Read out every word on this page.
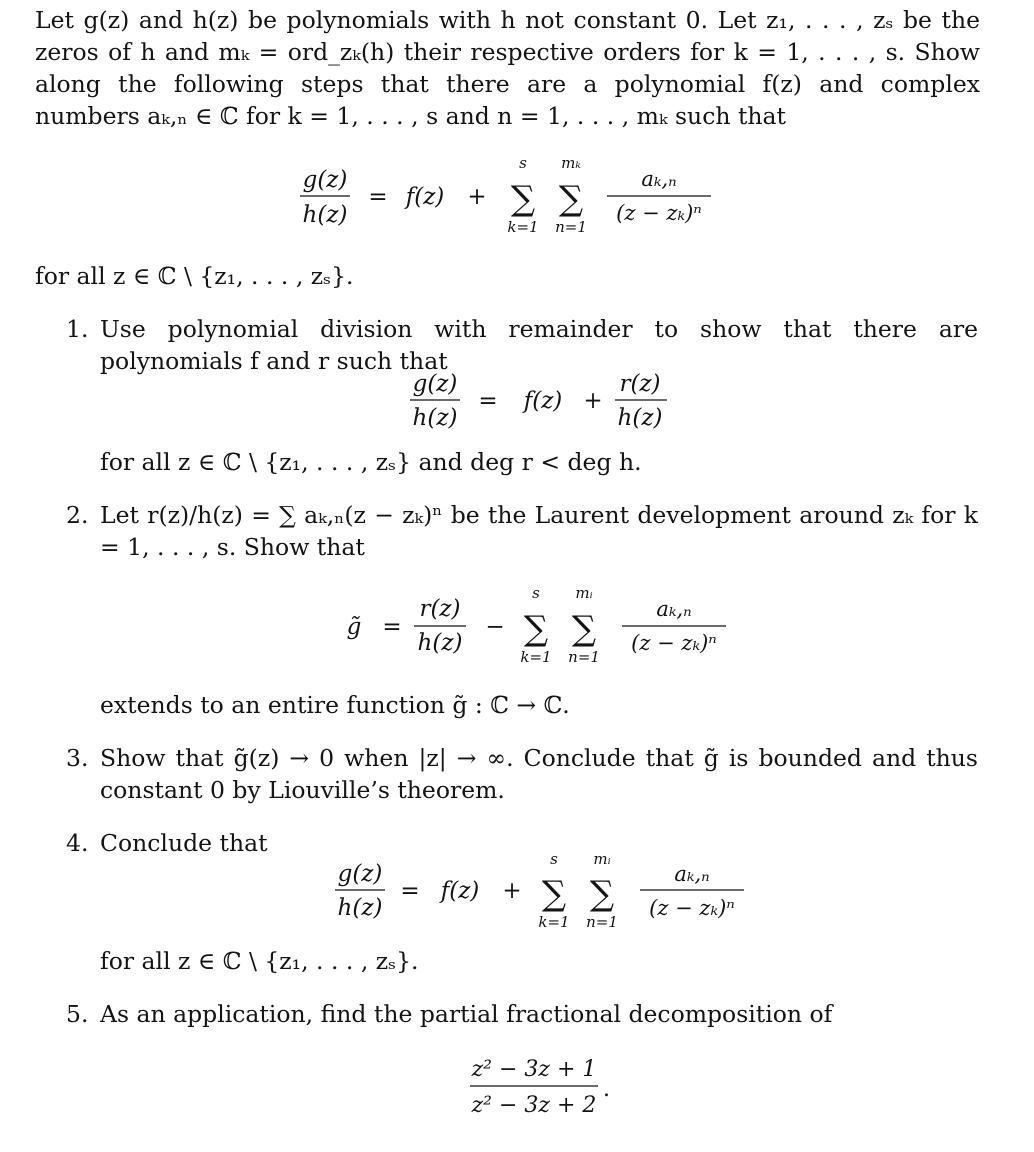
Let g(z) and h(z) be polynomials with h not constant 0. Let z₁, . . . , zₛ be the zeros of h and mₖ = ord_zₖ(h) their respective orders for k = 1, . . . , s. Show along the following steps that there are a polynomial f(z) and complex numbers aₖ,ₙ ∈ ℂ for k = 1, . . . , s and n = 1, . . . , mₖ such that

g(z)
h(z)
= f(z) +
s
∑
k=1
mₖ
∑
n=1
aₖ,ₙ
(z − zₖ)ⁿ

for all z ∈ ℂ \ {z₁, . . . , zₛ}.

1. Use polynomial division with remainder to show that there are polynomials f and r such that

g(z)
h(z)
= f(z) +
r(z)
h(z)

for all z ∈ ℂ \ {z₁, . . . , zₛ} and deg r < deg h.

2. Let r(z)/h(z) = ∑ aₖ,ₙ(z − zₖ)ⁿ be the Laurent development around zₖ for k = 1, . . . , s. Show that

g̃ =
r(z)
h(z)
−
s
∑
k=1
mᵢ
∑
n=1
aₖ,ₙ
(z − zₖ)ⁿ

extends to an entire function g̃ : ℂ → ℂ.

3. Show that g̃(z) → 0 when |z| → ∞. Conclude that g̃ is bounded and thus constant 0 by Liouville’s theorem.

4. Conclude that

g(z)
h(z)
= f(z) +
s
∑
k=1
mᵢ
∑
n=1
aₖ,ₙ
(z − zₖ)ⁿ

for all z ∈ ℂ \ {z₁, . . . , zₛ}.

5. As an application, find the partial fractional decomposition of

z² − 3z + 1
z² − 3z + 2
.
